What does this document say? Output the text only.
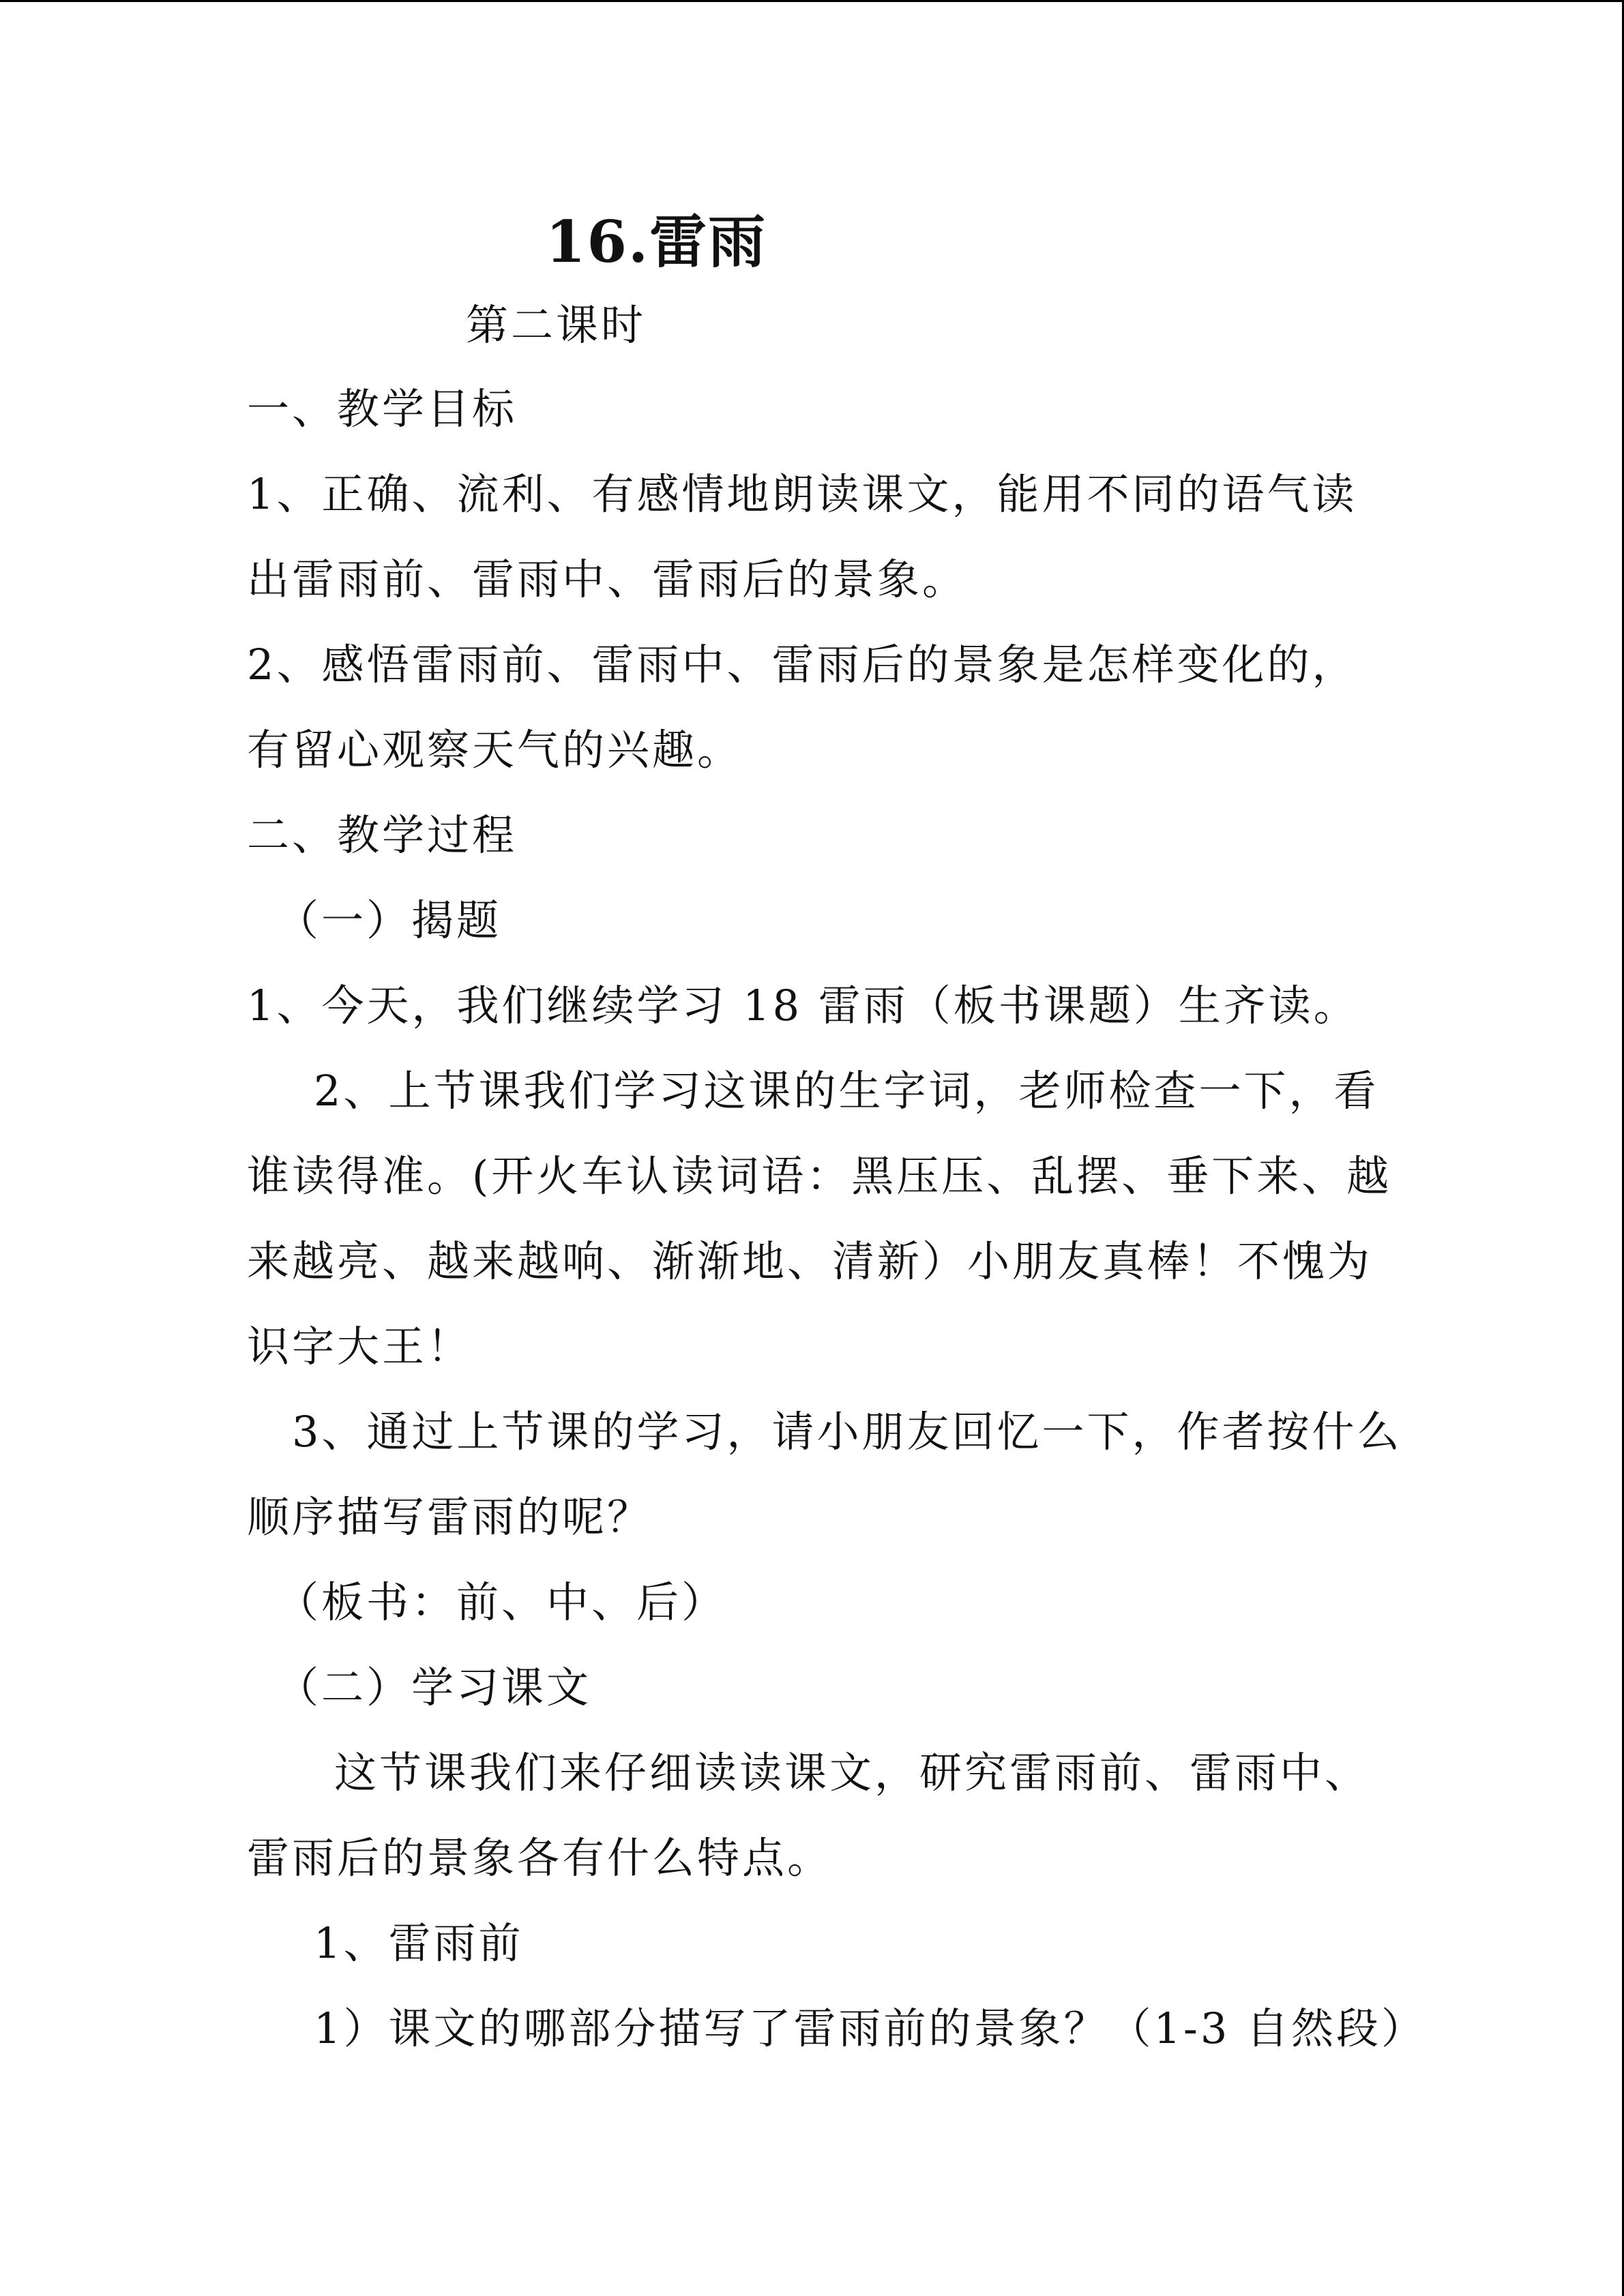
16.雷雨
第二课时
一、教学目标
1、正确、流利、有感情地朗读课文，能用不同的语气读
出雷雨前、雷雨中、雷雨后的景象。
2、感悟雷雨前、雷雨中、雷雨后的景象是怎样变化的，
有留心观察天气的兴趣。
二、教学过程
（一）揭题
1、今天，我们继续学习 18 雷雨（板书课题）生齐读。
2、上节课我们学习这课的生字词，老师检查一下，看
谁读得准。(开火车认读词语：黑压压、乱摆、垂下来、越
来越亮、越来越响、渐渐地、清新）小朋友真棒！不愧为
识字大王！
3、通过上节课的学习，请小朋友回忆一下，作者按什么
顺序描写雷雨的呢？
（板书：前、中、后）
（二）学习课文
这节课我们来仔细读读课文，研究雷雨前、雷雨中、
雷雨后的景象各有什么特点。
1、雷雨前
1）课文的哪部分描写了雷雨前的景象？（1-3 自然段）
